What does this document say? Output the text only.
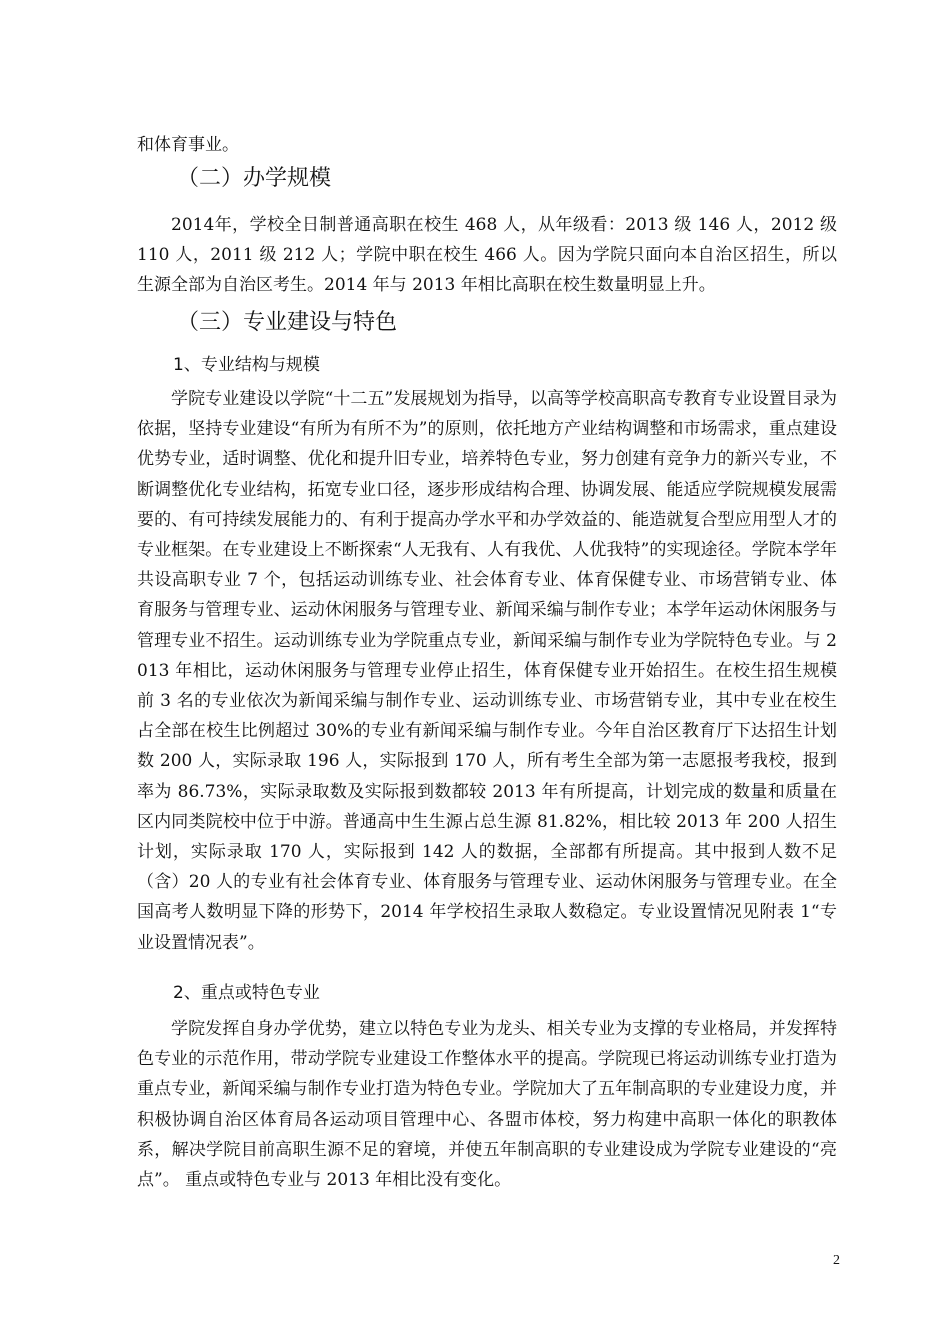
和体育事业。

（二）办学规模

2014年，学校全日制普通高职在校生 468 人，从年级看：2013 级 146 人，2012 级 110 人，2011 级 212 人；学院中职在校生 466 人。因为学院只面向本自治区招生，所以生源全部为自治区考生。2014 年与 2013 年相比高职在校生数量明显上升。

（三）专业建设与特色
1、专业结构与规模

学院专业建设以学院“十二五”发展规划为指导，以高等学校高职高专教育专业设置目录为依据，坚持专业建设“有所为有所不为”的原则，依托地方产业结构调整和市场需求，重点建设优势专业，适时调整、优化和提升旧专业，培养特色专业，努力创建有竞争力的新兴专业，不断调整优化专业结构，拓宽专业口径，逐步形成结构合理、协调发展、能适应学院规模发展需要的、有可持续发展能力的、有利于提高办学水平和办学效益的、能造就复合型应用型人才的专业框架。在专业建设上不断探索“人无我有、人有我优、人优我特”的实现途径。学院本学年共设高职专业 7 个，包括运动训练专业、社会体育专业、体育保健专业、市场营销专业、体育服务与管理专业、运动休闲服务与管理专业、新闻采编与制作专业；本学年运动休闲服务与管理专业不招生。运动训练专业为学院重点专业，新闻采编与制作专业为学院特色专业。与 2013 年相比，运动休闲服务与管理专业停止招生，体育保健专业开始招生。在校生招生规模前 3 名的专业依次为新闻采编与制作专业、运动训练专业、市场营销专业，其中专业在校生占全部在校生比例超过 30%的专业有新闻采编与制作专业。今年自治区教育厅下达招生计划数 200 人，实际录取 196 人，实际报到 170 人，所有考生全部为第一志愿报考我校，报到率为 86.73%，实际录取数及实际报到数都较 2013 年有所提高，计划完成的数量和质量在区内同类院校中位于中游。普通高中生生源占总生源 81.82%，相比较 2013 年 200 人招生计划，实际录取 170 人，实际报到 142 人的数据，全部都有所提高。其中报到人数不足（含）20 人的专业有社会体育专业、体育服务与管理专业、运动休闲服务与管理专业。在全国高考人数明显下降的形势下，2014 年学校招生录取人数稳定。专业设置情况见附表 1“专业设置情况表”。

2、重点或特色专业

学院发挥自身办学优势，建立以特色专业为龙头、相关专业为支撑的专业格局，并发挥特色专业的示范作用，带动学院专业建设工作整体水平的提高。学院现已将运动训练专业打造为重点专业，新闻采编与制作专业打造为特色专业。学院加大了五年制高职的专业建设力度，并积极协调自治区体育局各运动项目管理中心、各盟市体校，努力构建中高职一体化的职教体系，解决学院目前高职生源不足的窘境，并使五年制高职的专业建设成为学院专业建设的“亮点”。 重点或特色专业与 2013 年相比没有变化。

2
